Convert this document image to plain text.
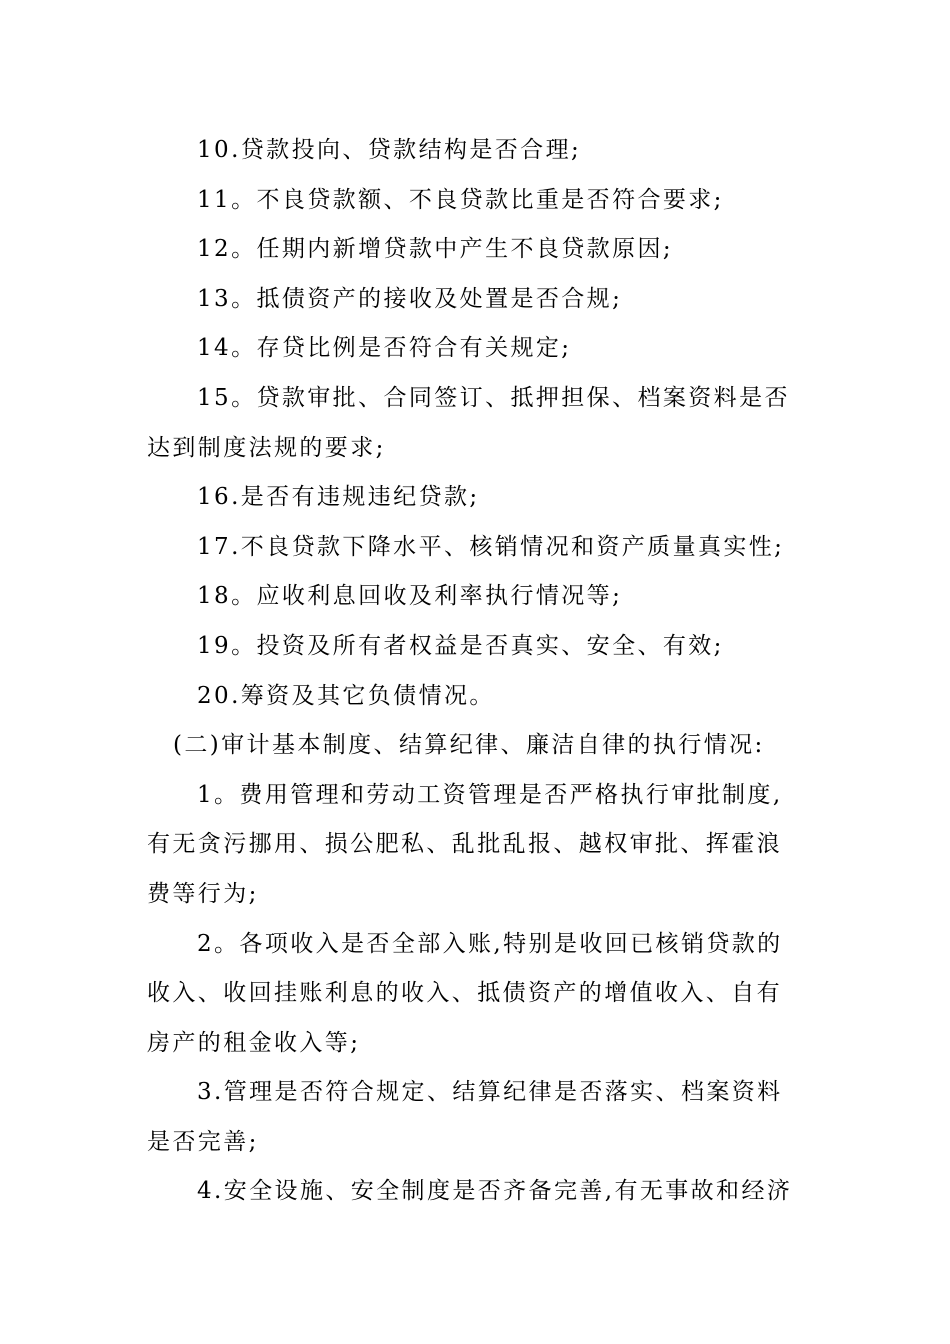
10.贷款投向、贷款结构是否合理;

11。不良贷款额、不良贷款比重是否符合要求;

12。任期内新增贷款中产生不良贷款原因;

13。抵债资产的接收及处置是否合规;

14。存贷比例是否符合有关规定;

15。贷款审批、合同签订、抵押担保、档案资料是否达到制度法规的要求;

16.是否有违规违纪贷款;

17.不良贷款下降水平、核销情况和资产质量真实性;

18。应收利息回收及利率执行情况等;

19。投资及所有者权益是否真实、安全、有效;

20.筹资及其它负债情况。

(二)审计基本制度、结算纪律、廉洁自律的执行情况:

1。费用管理和劳动工资管理是否严格执行审批制度,有无贪污挪用、损公肥私、乱批乱报、越权审批、挥霍浪费等行为;

2。各项收入是否全部入账,特别是收回已核销贷款的收入、收回挂账利息的收入、抵债资产的增值收入、自有房产的租金收入等;

3.管理是否符合规定、结算纪律是否落实、档案资料是否完善;

4.安全设施、安全制度是否齐备完善,有无事故和经济
